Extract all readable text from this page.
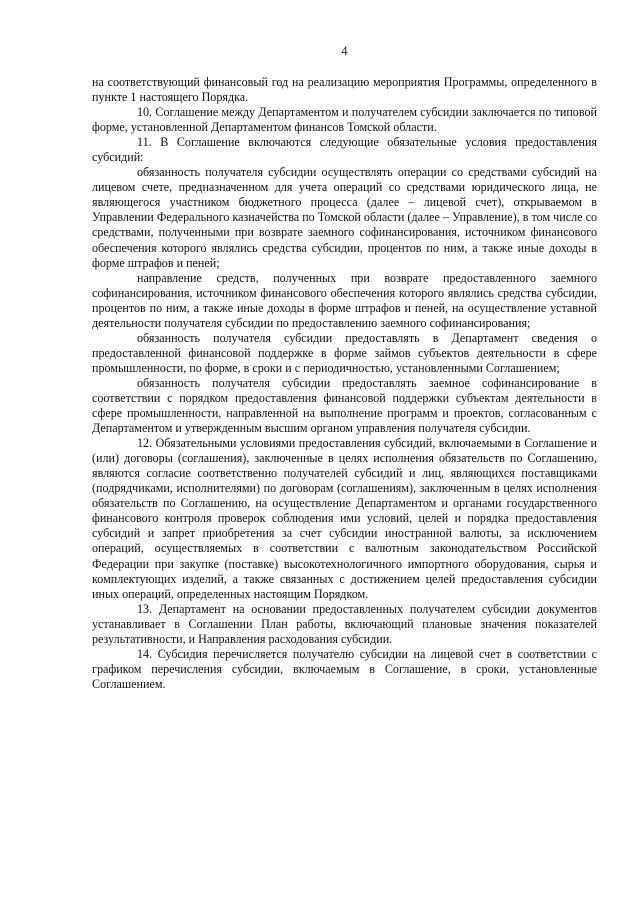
4

на соответствующий финансовый год на реализацию мероприятия Программы, определенного в пункте 1 настоящего Порядка.

10. Соглашение между Департаментом и получателем субсидии заключается по типовой форме, установленной Департаментом финансов Томской области.

11. В Соглашение включаются следующие обязательные условия предоставления субсидий:

обязанность получателя субсидии осуществлять операции со средствами субсидий на лицевом счете, предназначенном для учета операций со средствами юридического лица, не являющегося участником бюджетного процесса (далее – лицевой счет), открываемом в Управлении Федерального казначейства по Томской области (далее – Управление), в том числе со средствами, полученными при возврате заемного софинансирования, источником финансового обеспечения которого являлись средства субсидии, процентов по ним, а также иные доходы в форме штрафов и пеней;

направление средств, полученных при возврате предоставленного заемного софинансирования, источником финансового обеспечения которого являлись средства субсидии, процентов по ним, а также иные доходы в форме штрафов и пеней, на осуществление уставной деятельности получателя субсидии по предоставлению заемного софинансирования;

обязанность получателя субсидии предоставлять в Департамент сведения о предоставленной финансовой поддержке в форме займов субъектов деятельности в сфере промышленности, по форме, в сроки и с периодичностью, установленными Соглашением;

обязанность получателя субсидии предоставлять заемное софинансирование в соответствии с порядком предоставления финансовой поддержки субъектам деятельности в сфере промышленности, направленной на выполнение программ и проектов, согласованным с Департаментом и утвержденным высшим органом управления получателя субсидии.

12. Обязательными условиями предоставления субсидий, включаемыми в Соглашение и (или) договоры (соглашения), заключенные в целях исполнения обязательств по Соглашению, являются согласие соответственно получателей субсидий и лиц, являющихся поставщиками (подрядчиками, исполнителями) по договорам (соглашениям), заключенным в целях исполнения обязательств по Соглашению, на осуществление Департаментом и органами государственного финансового контроля проверок соблюдения ими условий, целей и порядка предоставления субсидий и запрет приобретения за счет субсидии иностранной валюты, за исключением операций, осуществляемых в соответствии с валютным законодательством Российской Федерации при закупке (поставке) высокотехнологичного импортного оборудования, сырья и комплектующих изделий, а также связанных с достижением целей предоставления субсидии иных операций, определенных настоящим Порядком.

13. Департамент на основании предоставленных получателем субсидии документов устанавливает в Соглашении План работы, включающий плановые значения показателей результативности, и Направления расходования субсидии.

14. Субсидия перечисляется получателю субсидии на лицевой счет в соответствии с графиком перечисления субсидии, включаемым в Соглашение, в сроки, установленные Соглашением.
